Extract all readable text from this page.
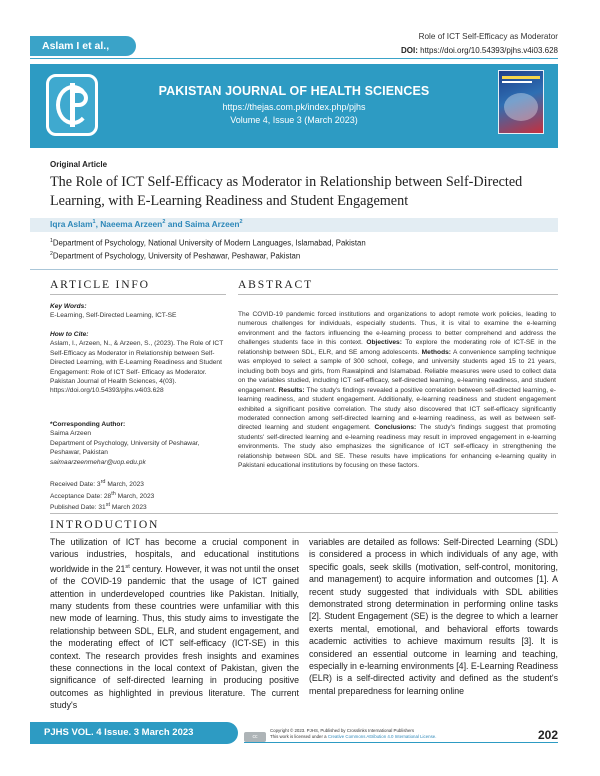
Aslam I et al.,
Role of ICT Self-Efficacy as Moderator
DOI: https://doi.org/10.54393/pjhs.v4i03.628
PAKISTAN JOURNAL OF HEALTH SCIENCES
https://thejas.com.pk/index.php/pjhs
Volume 4, Issue 3 (March 2023)
Original Article
The Role of ICT Self-Efficacy as Moderator in Relationship between Self-Directed Learning, with E-Learning Readiness and Student Engagement
Iqra Aslam$^1$, Naeema Arzeen$^2$ and Saima Arzeen$^2$
$^1$Department of Psychology, National University of Modern Languages, Islamabad, Pakistan
$^2$Department of Psychology, University of Peshawar, Peshawar, Pakistan
ARTICLE INFO	ABSTRACT
Key Words:
E-Learning, Self-Directed Learning, ICT-SE
How to Cite:
Aslam, I., Arzeen, N., & Arzeen, S., (2023). The Role of ICT Self-Efficacy as Moderator in Relationship between Self-Directed Learning, with E-Learning Readiness and Student Engagement: Role of ICT Self- Efficacy as Moderator. Pakistan Journal of Health Sciences, 4(03). https://doi.org/10.54393/pjhs.v4i03.628
*Corresponding Author:
Saima Arzeen
Department of Psychology, University of Peshawar, Peshawar, Pakistan
saimaarzeenmehar@uop.edu.pk
Received Date: 3rd March, 2023
Acceptance Date: 28th March, 2023
Published Date: 31st March 2023
The COVID-19 pandemic forced institutions and organizations to adopt remote work policies, leading to numerous challenges for individuals, especially students. Thus, it is vital to examine the e-learning environment and the factors influencing the e-learning process to better comprehend and address the challenges students face in this context. Objectives: To explore the moderating role of ICT-SE in the relationship between SDL, ELR, and SE among adolescents. Methods: A convenience sampling technique was employed to select a sample of 300 school, college, and university students aged 15 to 21 years, including both boys and girls, from Rawalpindi and Islamabad. Reliable measures were used to collect data on the variables studied, including ICT self-efficacy, self-directed learning, e-learning readiness, and student engagement. Results: The study's findings revealed a positive correlation between self-directed learning, e-learning readiness, and student engagement. Additionally, e-learning readiness and student engagement exhibited a significant positive correlation. The study also discovered that ICT self-efficacy significantly moderated connection among self-directed learning and e-learning readiness, as well as between self-directed learning and student engagement. Conclusions: The study's findings suggest that promoting students' self-directed learning and e-learning readiness may result in improved engagement in e-learning environments. The study also emphasizes the significance of ICT self-efficacy in strengthening the relationship between SDL and SE. These results have implications for enhancing e-learning quality in Pakistani educational institutions by focusing on these factors.
INTRODUCTION
The utilization of ICT has become a crucial component in various industries, hospitals, and educational institutions worldwide in the 21st century. However, it was not until the onset of the COVID-19 pandemic that the usage of ICT gained attention in underdeveloped countries like Pakistan. Initially, many students from these countries were unfamiliar with this new mode of learning. Thus, this study aims to investigate the relationship between SDL, ELR, and student engagement, and the moderating effect of ICT self-efficacy (ICT-SE) in this context. The research provides fresh insights and examines these connections in the local context of Pakistan, given the significance of self-directed learning in producing positive outcomes as highlighted in previous literature. The current study's
variables are detailed as follows: Self-Directed Learning (SDL) is considered a process in which individuals of any age, with specific goals, seek skills (motivation, self-control, monitoring, and management) to acquire information and outcomes [1]. A recent study suggested that individuals with SDL abilities demonstrated strong determination in performing online tasks [2]. Student Engagement (SE) is the degree to which a learner exerts mental, emotional, and behavioral efforts towards academic activities to achieve maximum results [3]. It is considered an essential outcome in learning and teaching, especially in e-learning environments [4]. E-Learning Readiness (ELR) is a self-directed activity and defined as the student's mental preparedness for learning online
PJHS VOL. 4 Issue. 3 March 2023	cc
Copyright © 2023. PJHS, Published by Crosslinks International Publishers
This work is licensed under a Creative Commons Attribution 4.0 International License.	202
